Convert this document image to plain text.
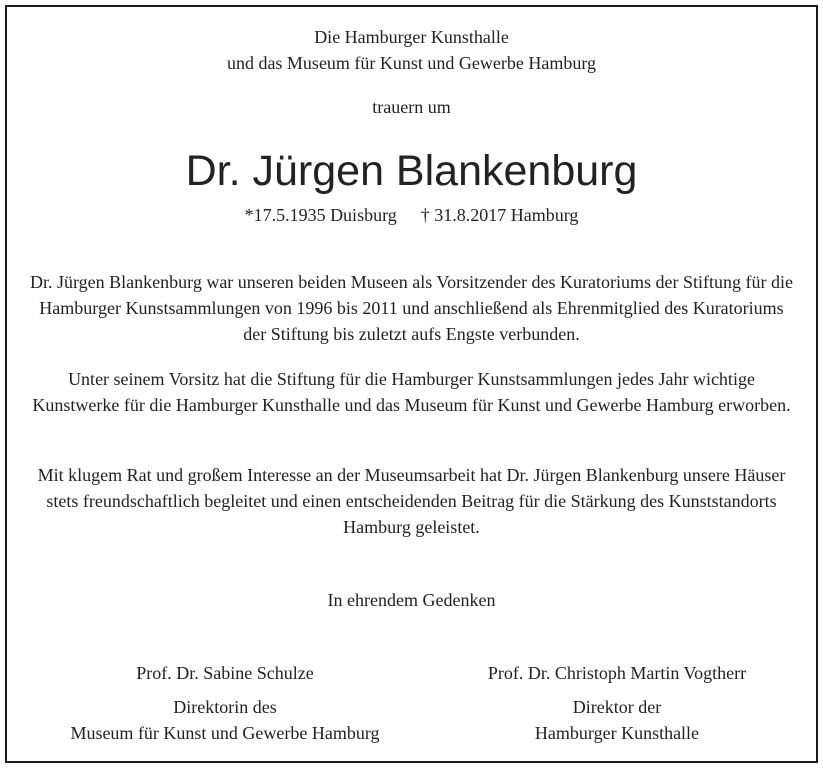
Die Hamburger Kunsthalle
und das Museum für Kunst und Gewerbe Hamburg
trauern um
Dr. Jürgen Blankenburg
*17.5.1935 Duisburg † 31.8.2017 Hamburg
Dr. Jürgen Blankenburg war unseren beiden Museen als Vorsitzender des Kuratoriums der Stiftung für die Hamburger Kunstsammlungen von 1996 bis 2011 und anschließend als Ehrenmitglied des Kuratoriums der Stiftung bis zuletzt aufs Engste verbunden.
Unter seinem Vorsitz hat die Stiftung für die Hamburger Kunstsammlungen jedes Jahr wichtige Kunstwerke für die Hamburger Kunsthalle und das Museum für Kunst und Gewerbe Hamburg erworben.
Mit klugem Rat und großem Interesse an der Museumsarbeit hat Dr. Jürgen Blankenburg unsere Häuser stets freundschaftlich begleitet und einen entscheidenden Beitrag für die Stärkung des Kunststandorts Hamburg geleistet.
In ehrendem Gedenken
Prof. Dr. Sabine Schulze
Direktorin des
Museum für Kunst und Gewerbe Hamburg
Prof. Dr. Christoph Martin Vogtherr
Direktor der
Hamburger Kunsthalle
